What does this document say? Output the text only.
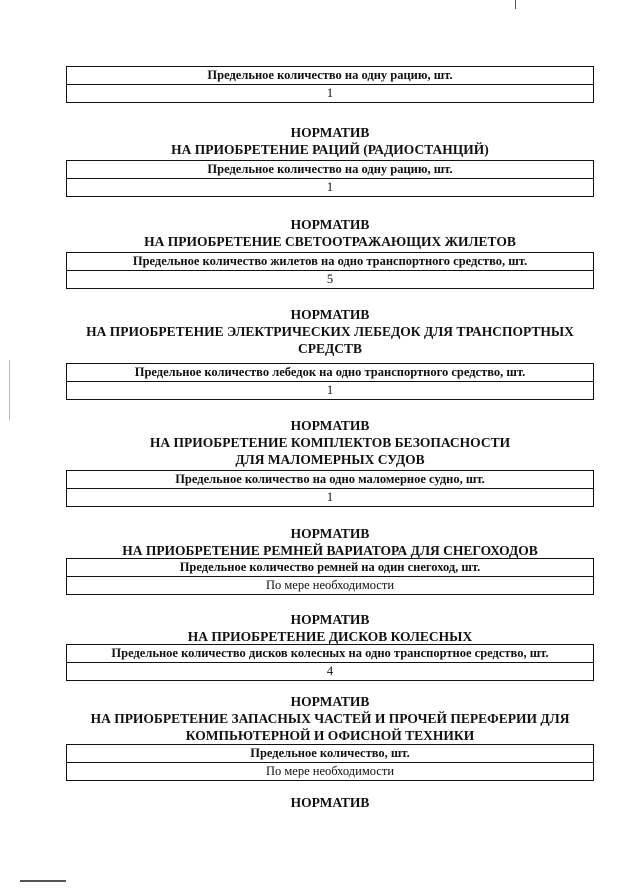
Предельное количество на одну рацию, шт.
1
НОРМАТИВ
НА ПРИОБРЕТЕНИЕ РАЦИЙ (РАДИОСТАНЦИЙ)
Предельное количество на одну рацию, шт.
1
НОРМАТИВ
НА ПРИОБРЕТЕНИЕ СВЕТООТРАЖАЮЩИХ ЖИЛЕТОВ
Предельное количество жилетов на одно транспортного средство, шт.
5
НОРМАТИВ
НА ПРИОБРЕТЕНИЕ ЭЛЕКТРИЧЕСКИХ ЛЕБЕДОК ДЛЯ ТРАНСПОРТНЫХ
СРЕДСТВ
Предельное количество лебедок на одно транспортного средство, шт.
1
НОРМАТИВ
НА ПРИОБРЕТЕНИЕ КОМПЛЕКТОВ БЕЗОПАСНОСТИ
ДЛЯ МАЛОМЕРНЫХ СУДОВ
Предельное количество на одно маломерное судно, шт.
1
НОРМАТИВ
НА ПРИОБРЕТЕНИЕ РЕМНЕЙ ВАРИАТОРА ДЛЯ СНЕГОХОДОВ
Предельное количество ремней на один снегоход, шт.
По мере необходимости
НОРМАТИВ
НА ПРИОБРЕТЕНИЕ ДИСКОВ КОЛЕСНЫХ
Предельное количество дисков колесных на одно транспортное средство, шт.
4
НОРМАТИВ
НА ПРИОБРЕТЕНИЕ ЗАПАСНЫХ ЧАСТЕЙ И ПРОЧЕЙ ПЕРЕФЕРИИ ДЛЯ
КОМПЬЮТЕРНОЙ И ОФИСНОЙ ТЕХНИКИ
Предельное количество, шт.
По мере необходимости
НОРМАТИВ
